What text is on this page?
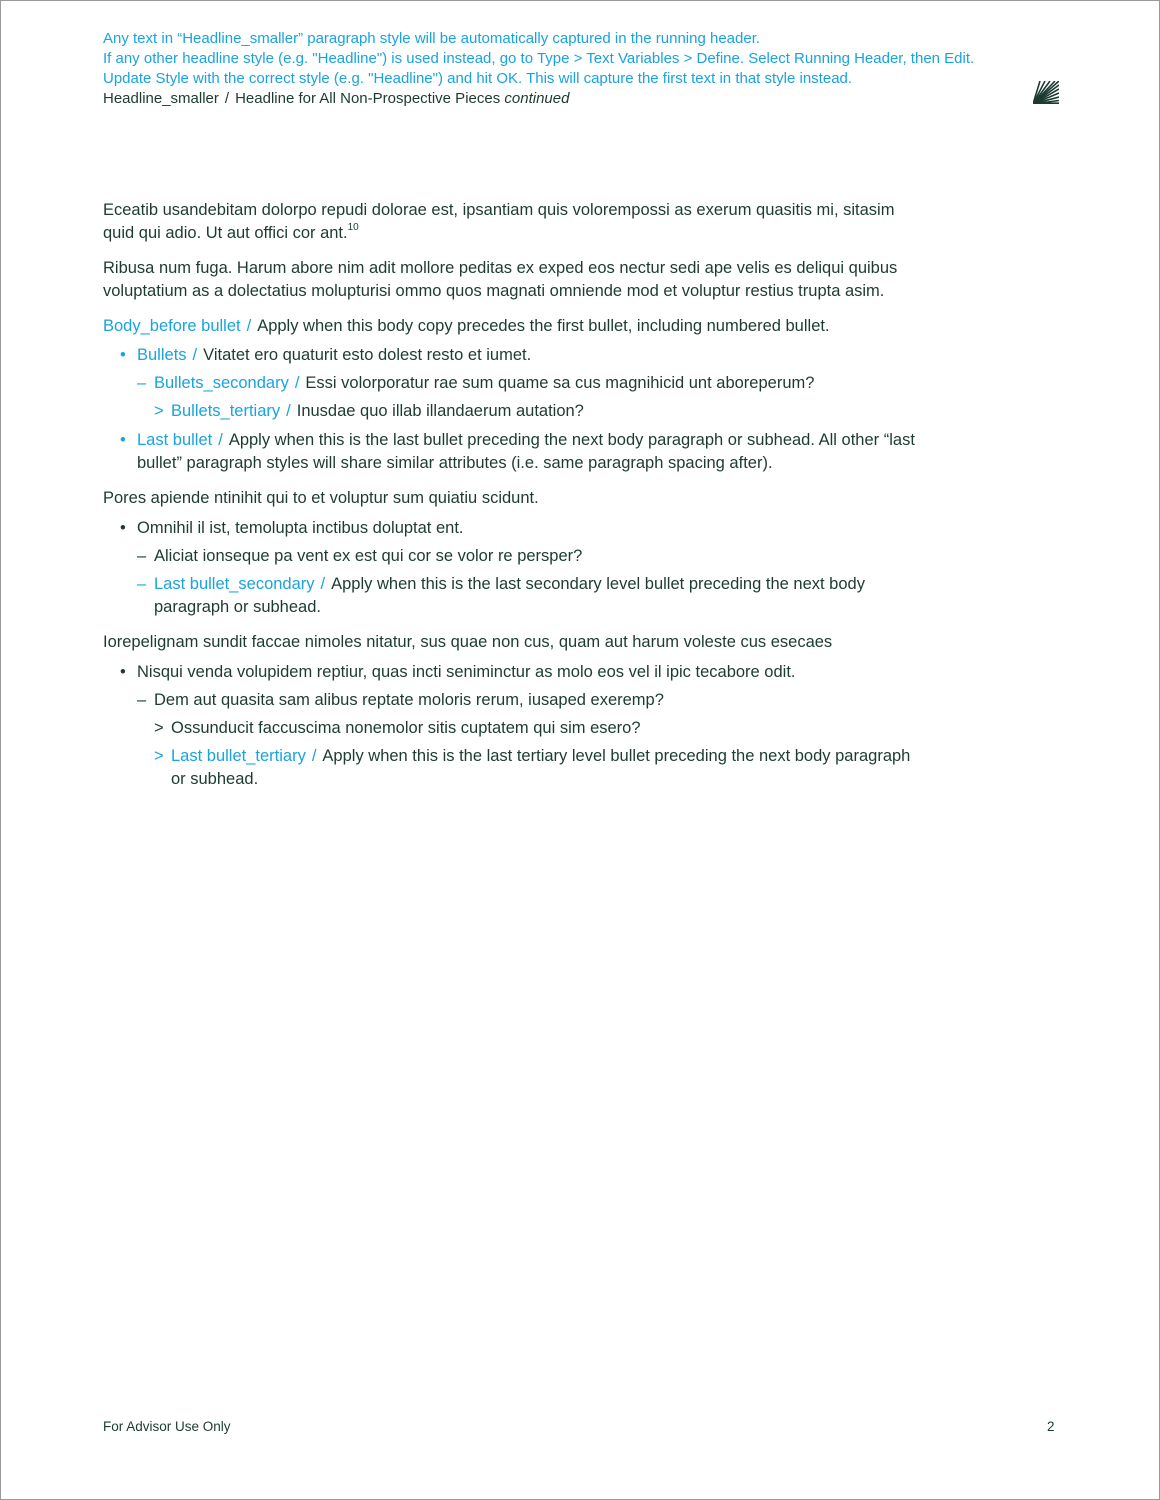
Any text in “Headline_smaller” paragraph style will be automatically captured in the running header.

If any other headline style (e.g. "Headline") is used instead, go to Type > Text Variables > Define. Select Running Header, then Edit.

Update Style with the correct style (e.g. "Headline") and hit OK. This will capture the first text in that style instead.

Headline_smaller / Headline for All Non-Prospective Pieces continued

Eceatib usandebitam dolorpo repudi dolorae est, ipsantiam quis volorempossi as exerum quasitis mi, sitasim quid qui adio. Ut aut offici cor ant.$^{10}$

Ribusa num fuga. Harum abore nim adit mollore peditas ex exped eos nectur sedi ape velis es deliqui quibus voluptatium as a dolectatius molupturisi ommo quos magnati omniende mod et voluptur restius trupta asim.

Body_before bullet / Apply when this body copy precedes the first bullet, including numbered bullet.

• Bullets / Vitatet ero quaturit esto dolest resto et iumet.

– Bullets_secondary / Essi volorporatur rae sum quame sa cus magnihicid unt aboreperum?

> Bullets_tertiary / Inusdae quo illab illandaerum autation?

• Last bullet / Apply when this is the last bullet preceding the next body paragraph or subhead. All other “last bullet” paragraph styles will share similar attributes (i.e. same paragraph spacing after).

Pores apiende ntinihit qui to et voluptur sum quiatiu scidunt.

• Omnihil il ist, temolupta inctibus doluptat ent.

– Aliciat ionseque pa vent ex est qui cor se volor re persper?

– Last bullet_secondary / Apply when this is the last secondary level bullet preceding the next body paragraph or subhead.

Iorepelignam sundit faccae nimoles nitatur, sus quae non cus, quam aut harum voleste cus esecaes

• Nisqui venda volupidem reptiur, quas incti seniminctur as molo eos vel il ipic tecabore odit.

– Dem aut quasita sam alibus reptate moloris rerum, iusaped exeremp?

> Ossunducit faccuscima nonemolor sitis cuptatem qui sim esero?

> Last bullet_tertiary / Apply when this is the last tertiary level bullet preceding the next body paragraph or subhead.

For Advisor Use Only	2
